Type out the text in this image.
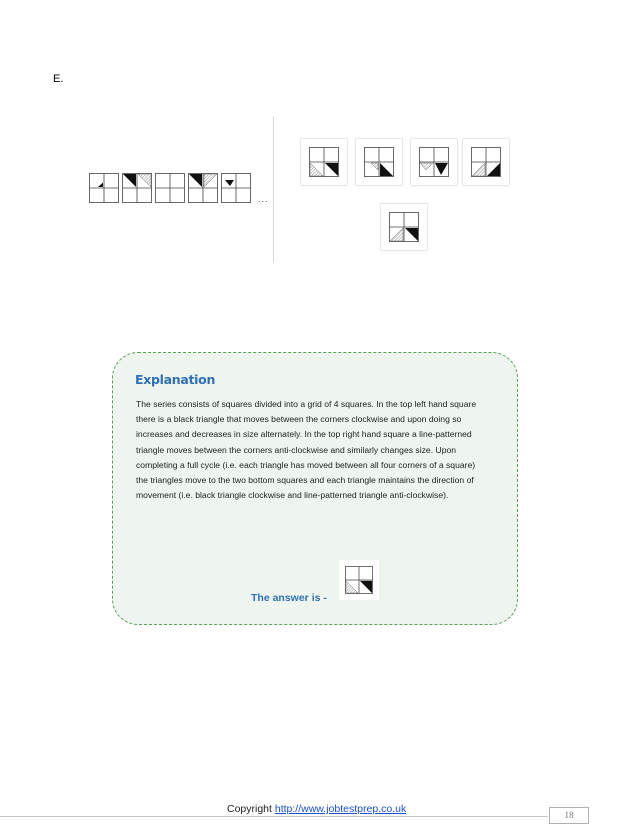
E.
...
Explanation
The series consists of squares divided into a grid of 4 squares. In the top left hand square there is a black triangle that moves between the corners clockwise and upon doing so increases and decreases in size alternately. In the top right hand square a line-patterned triangle moves between the corners anti-clockwise and similarly changes size. Upon completing a full cycle (i.e. each triangle has moved between all four corners of a square) the triangles move to the two bottom squares and each triangle maintains the direction of movement (i.e. black triangle clockwise and line-patterned triangle anti-clockwise).
The answer is -
Copyright http://www.jobtestprep.co.uk	18
